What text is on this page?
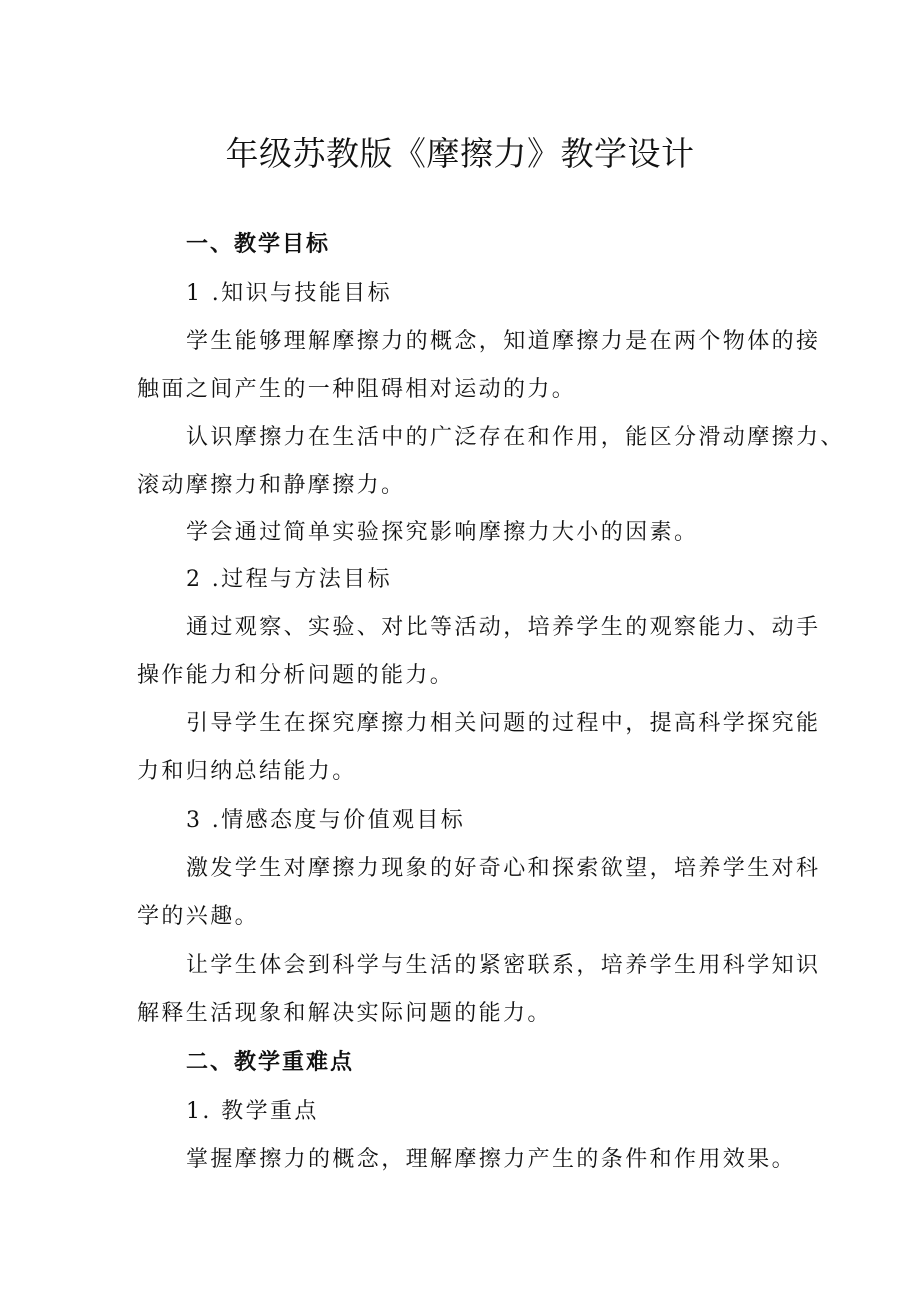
年级苏教版《摩擦力》教学设计

一、教学目标

1 .知识与技能目标

学生能够理解摩擦力的概念，知道摩擦力是在两个物体的接

触面之间产生的一种阻碍相对运动的力。

认识摩擦力在生活中的广泛存在和作用，能区分滑动摩擦力、

滚动摩擦力和静摩擦力。

学会通过简单实验探究影响摩擦力大小的因素。

2 .过程与方法目标

通过观察、实验、对比等活动，培养学生的观察能力、动手

操作能力和分析问题的能力。

引导学生在探究摩擦力相关问题的过程中，提高科学探究能

力和归纳总结能力。

3 .情感态度与价值观目标

激发学生对摩擦力现象的好奇心和探索欲望，培养学生对科

学的兴趣。

让学生体会到科学与生活的紧密联系，培养学生用科学知识

解释生活现象和解决实际问题的能力。

二、教学重难点

1. 教学重点

掌握摩擦力的概念，理解摩擦力产生的条件和作用效果。
